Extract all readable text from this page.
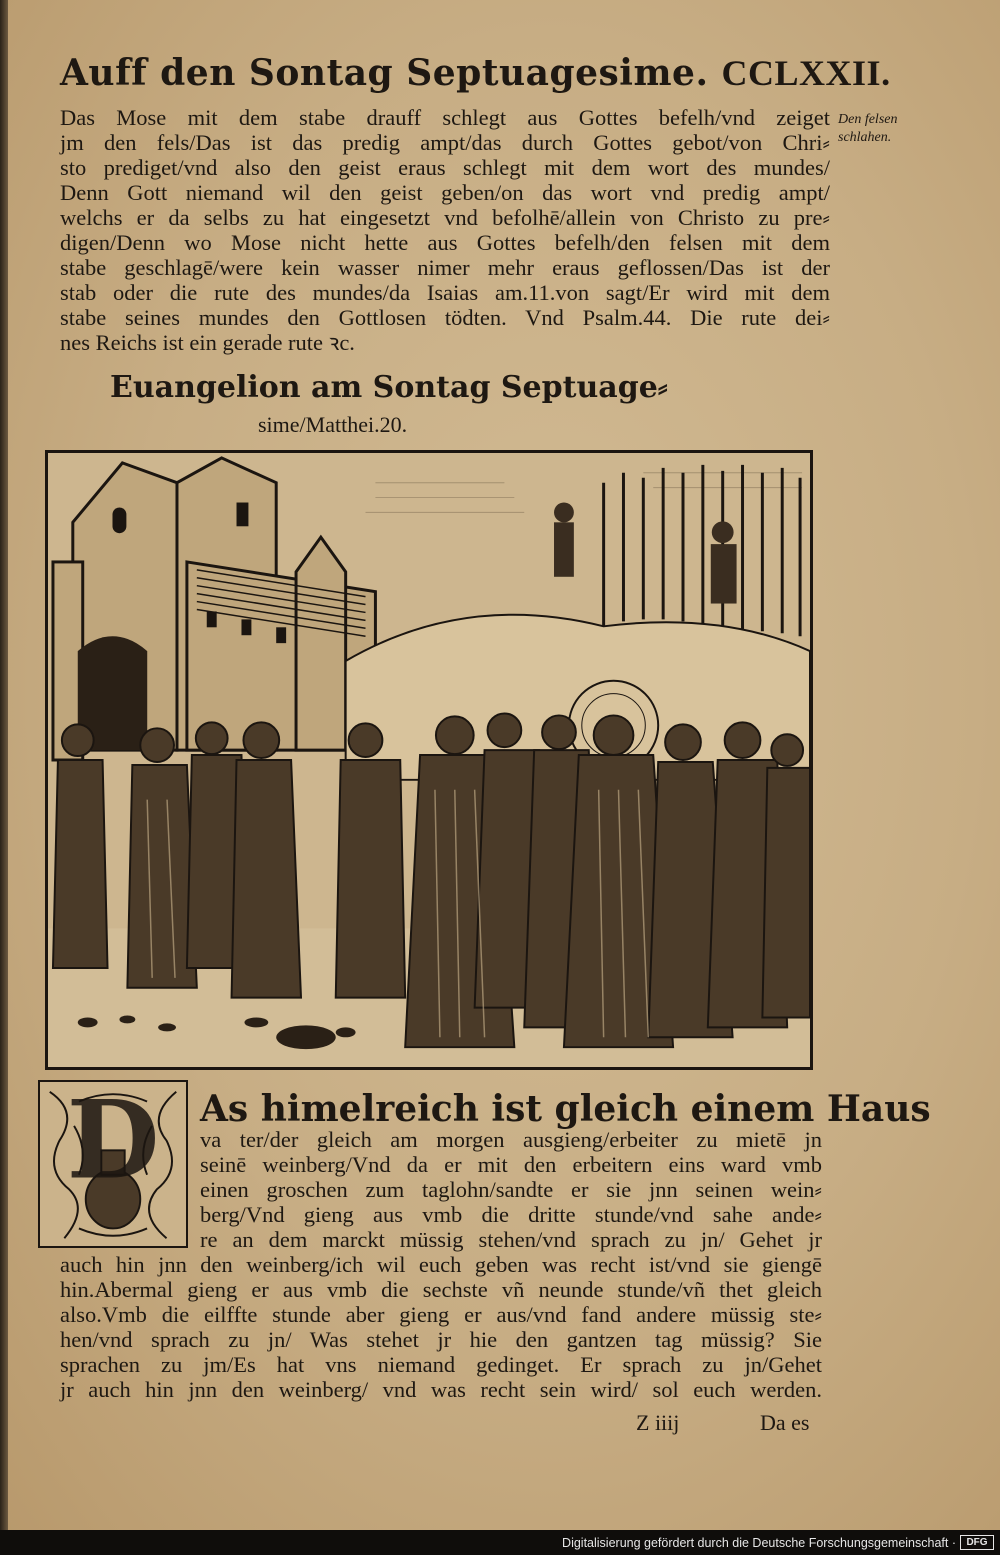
Auff den Sontag Septuagesime. CCLXXII.
Das Mose mit dem stabe drauff schlegt aus Gottes befelh/vnd zeiget
jm den fels/Das ist das predig ampt/das durch Gottes gebot/von Chri⸗
sto prediget/vnd also den geist eraus schlegt mit dem wort des mundes/
Denn Gott niemand wil den geist geben/on das wort vnd predig ampt/
welchs er da selbs zu hat eingesetzt vnd befolhē/allein von Christo zu pre⸗
digen/Denn wo Mose nicht hette aus Gottes befelh/den felsen mit dem
stabe geschlagē/were kein wasser nimer mehr eraus geflossen/Das ist der
stab oder die rute des mundes/da Isaias am.11.von sagt/Er wird mit dem
stabe seines mundes den Gottlosen tödten. Vnd Psalm.44. Die rute dei⸗
nes Reichs ist ein gerade rute ꝛc.
Den felsen
schlahen.
Euangelion am Sontag Septuage⸗
sime/Matthei.20.
D As himelreich ist gleich einem Haus
va ter/der gleich am morgen ausgieng/erbeiter zu mietē jn
seinē weinberg/Vnd da er mit den erbeitern eins ward vmb
einen groschen zum taglohn/sandte er sie jnn seinen wein⸗
berg/Vnd gieng aus vmb die dritte stunde/vnd sahe ande⸗
re an dem marckt müssig stehen/vnd sprach zu jn/ Gehet jr
auch hin jnn den weinberg/ich wil euch geben was recht ist/vnd sie giengē
hin.Abermal gieng er aus vmb die sechste vñ neunde stunde/vñ thet gleich
also.Vmb die eilffte stunde aber gieng er aus/vnd fand andere müssig ste⸗
hen/vnd sprach zu jn/ Was stehet jr hie den gantzen tag müssig? Sie
sprachen zu jm/Es hat vns niemand gedinget. Er sprach zu jn/Gehet
jr auch hin jnn den weinberg/ vnd was recht sein wird/ sol euch werden.
Z iiij	Da es
Digitalisierung gefördert durch die Deutsche Forschungsgemeinschaft ·	DFG
